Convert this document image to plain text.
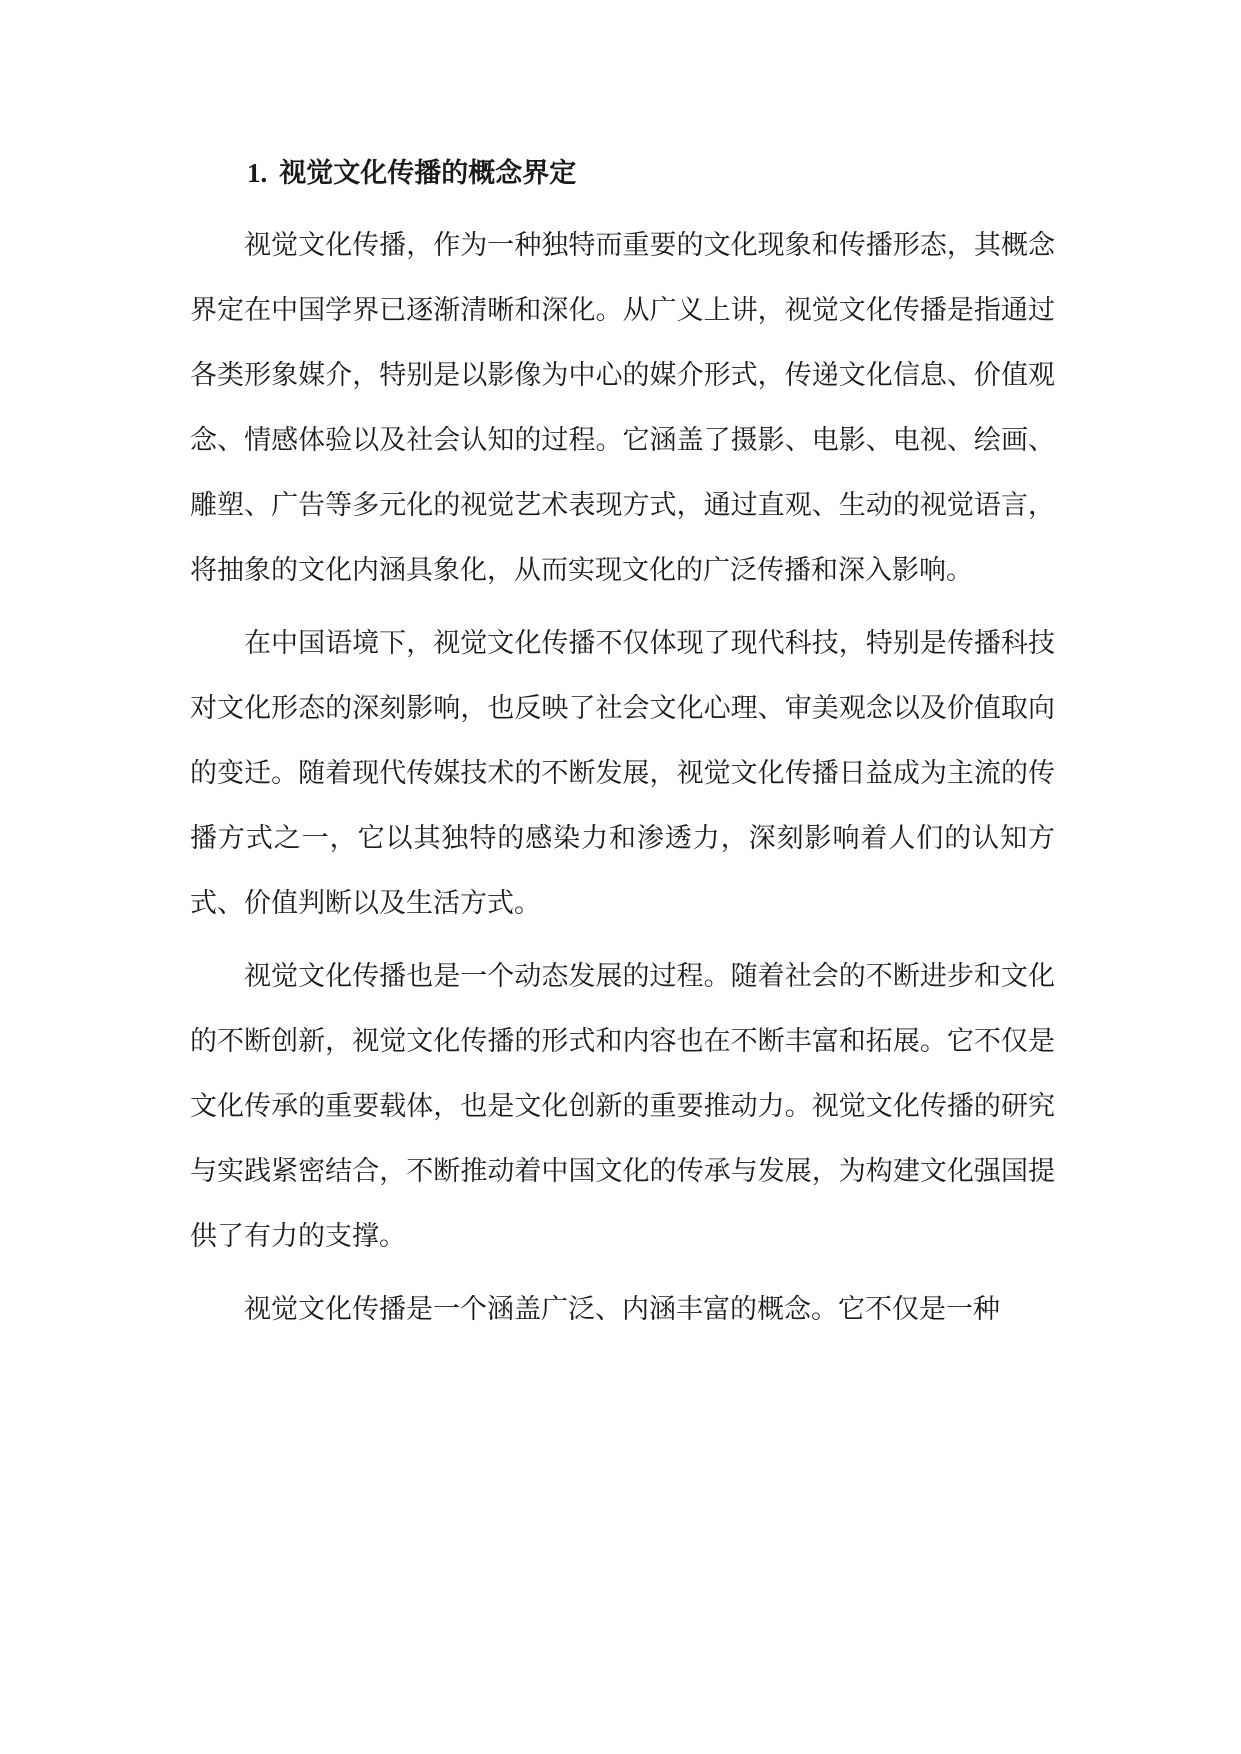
1. 视觉文化传播的概念界定

视觉文化传播，作为一种独特而重要的文化现象和传播形态，其概念界定在中国学界已逐渐清晰和深化。从广义上讲，视觉文化传播是指通过各类形象媒介，特别是以影像为中心的媒介形式，传递文化信息、价值观念、情感体验以及社会认知的过程。它涵盖了摄影、电影、电视、绘画、雕塑、广告等多元化的视觉艺术表现方式，通过直观、生动的视觉语言，将抽象的文化内涵具象化，从而实现文化的广泛传播和深入影响。

在中国语境下，视觉文化传播不仅体现了现代科技，特别是传播科技对文化形态的深刻影响，也反映了社会文化心理、审美观念以及价值取向的变迁。随着现代传媒技术的不断发展，视觉文化传播日益成为主流的传播方式之一，它以其独特的感染力和渗透力，深刻影响着人们的认知方式、价值判断以及生活方式。

视觉文化传播也是一个动态发展的过程。随着社会的不断进步和文化的不断创新，视觉文化传播的形式和内容也在不断丰富和拓展。它不仅是文化传承的重要载体，也是文化创新的重要推动力。视觉文化传播的研究与实践紧密结合，不断推动着中国文化的传承与发展，为构建文化强国提供了有力的支撑。

视觉文化传播是一个涵盖广泛、内涵丰富的概念。它不仅是一种
